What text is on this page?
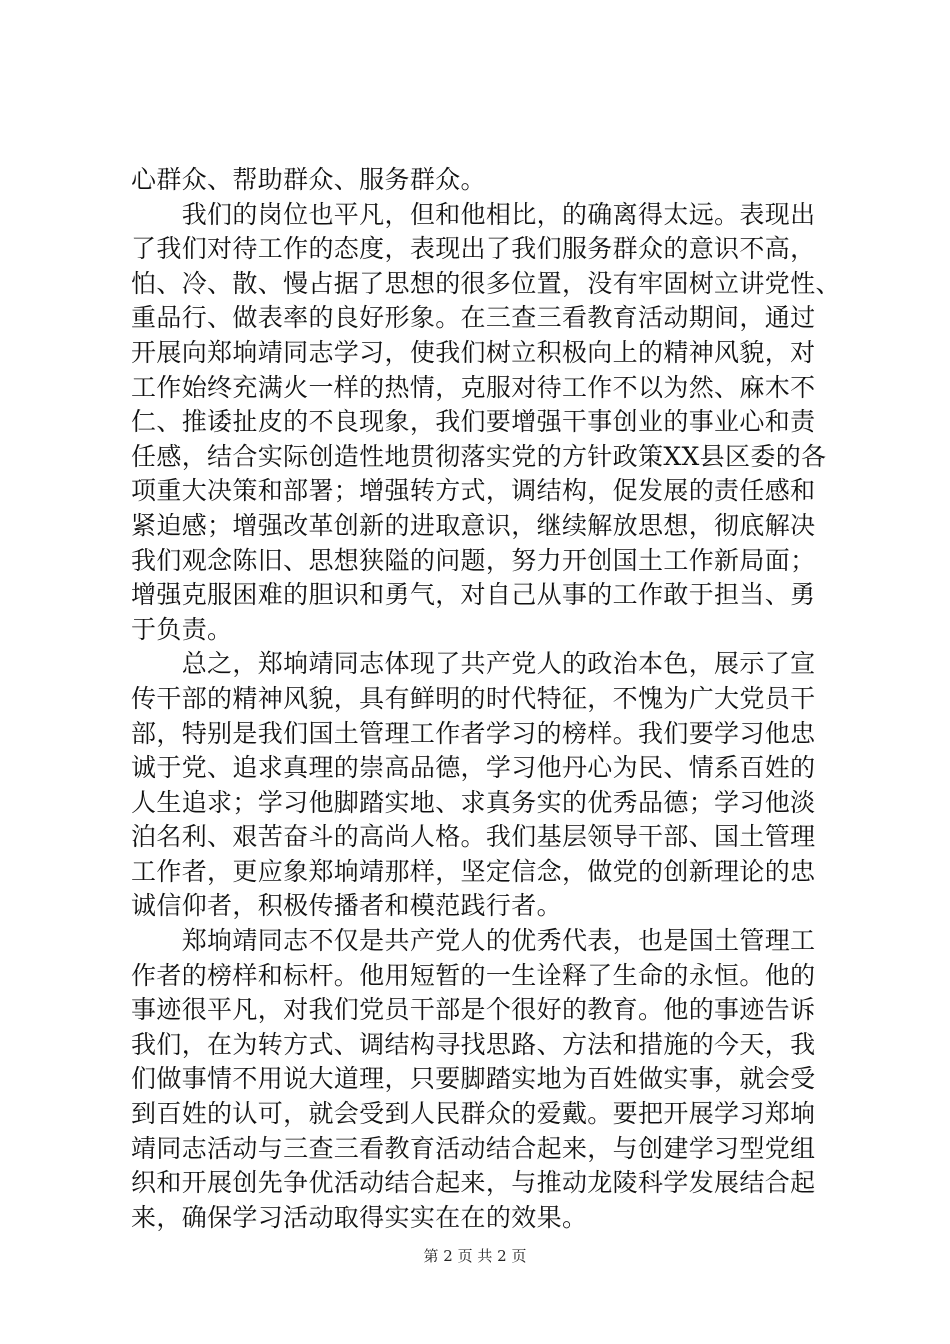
心群众、帮助群众、服务群众。
　　我们的岗位也平凡，但和他相比，的确离得太远。表现出
了我们对待工作的态度，表现出了我们服务群众的意识不高，
怕、冷、散、慢占据了思想的很多位置，没有牢固树立讲党性、
重品行、做表率的良好形象。在三查三看教育活动期间，通过
开展向郑垧靖同志学习，使我们树立积极向上的精神风貌，对
工作始终充满火一样的热情，克服对待工作不以为然、麻木不
仁、推诿扯皮的不良现象，我们要增强干事创业的事业心和责
任感，结合实际创造性地贯彻落实党的方针政策XX县区委的各
项重大决策和部署；增强转方式，调结构，促发展的责任感和
紧迫感；增强改革创新的进取意识，继续解放思想，彻底解决
我们观念陈旧、思想狭隘的问题，努力开创国土工作新局面；
增强克服困难的胆识和勇气，对自己从事的工作敢于担当、勇
于负责。
　　总之，郑垧靖同志体现了共产党人的政治本色，展示了宣
传干部的精神风貌，具有鲜明的时代特征，不愧为广大党员干
部，特别是我们国土管理工作者学习的榜样。我们要学习他忠
诚于党、追求真理的崇高品德，学习他丹心为民、情系百姓的
人生追求；学习他脚踏实地、求真务实的优秀品德；学习他淡
泊名利、艰苦奋斗的高尚人格。我们基层领导干部、国土管理
工作者，更应象郑垧靖那样，坚定信念，做党的创新理论的忠
诚信仰者，积极传播者和模范践行者。
　　郑垧靖同志不仅是共产党人的优秀代表，也是国土管理工
作者的榜样和标杆。他用短暂的一生诠释了生命的永恒。他的
事迹很平凡，对我们党员干部是个很好的教育。他的事迹告诉
我们，在为转方式、调结构寻找思路、方法和措施的今天，我
们做事情不用说大道理，只要脚踏实地为百姓做实事，就会受
到百姓的认可，就会受到人民群众的爱戴。要把开展学习郑垧
靖同志活动与三查三看教育活动结合起来，与创建学习型党组
织和开展创先争优活动结合起来，与推动龙陵科学发展结合起
来，确保学习活动取得实实在在的效果。
第 2 页 共 2 页
